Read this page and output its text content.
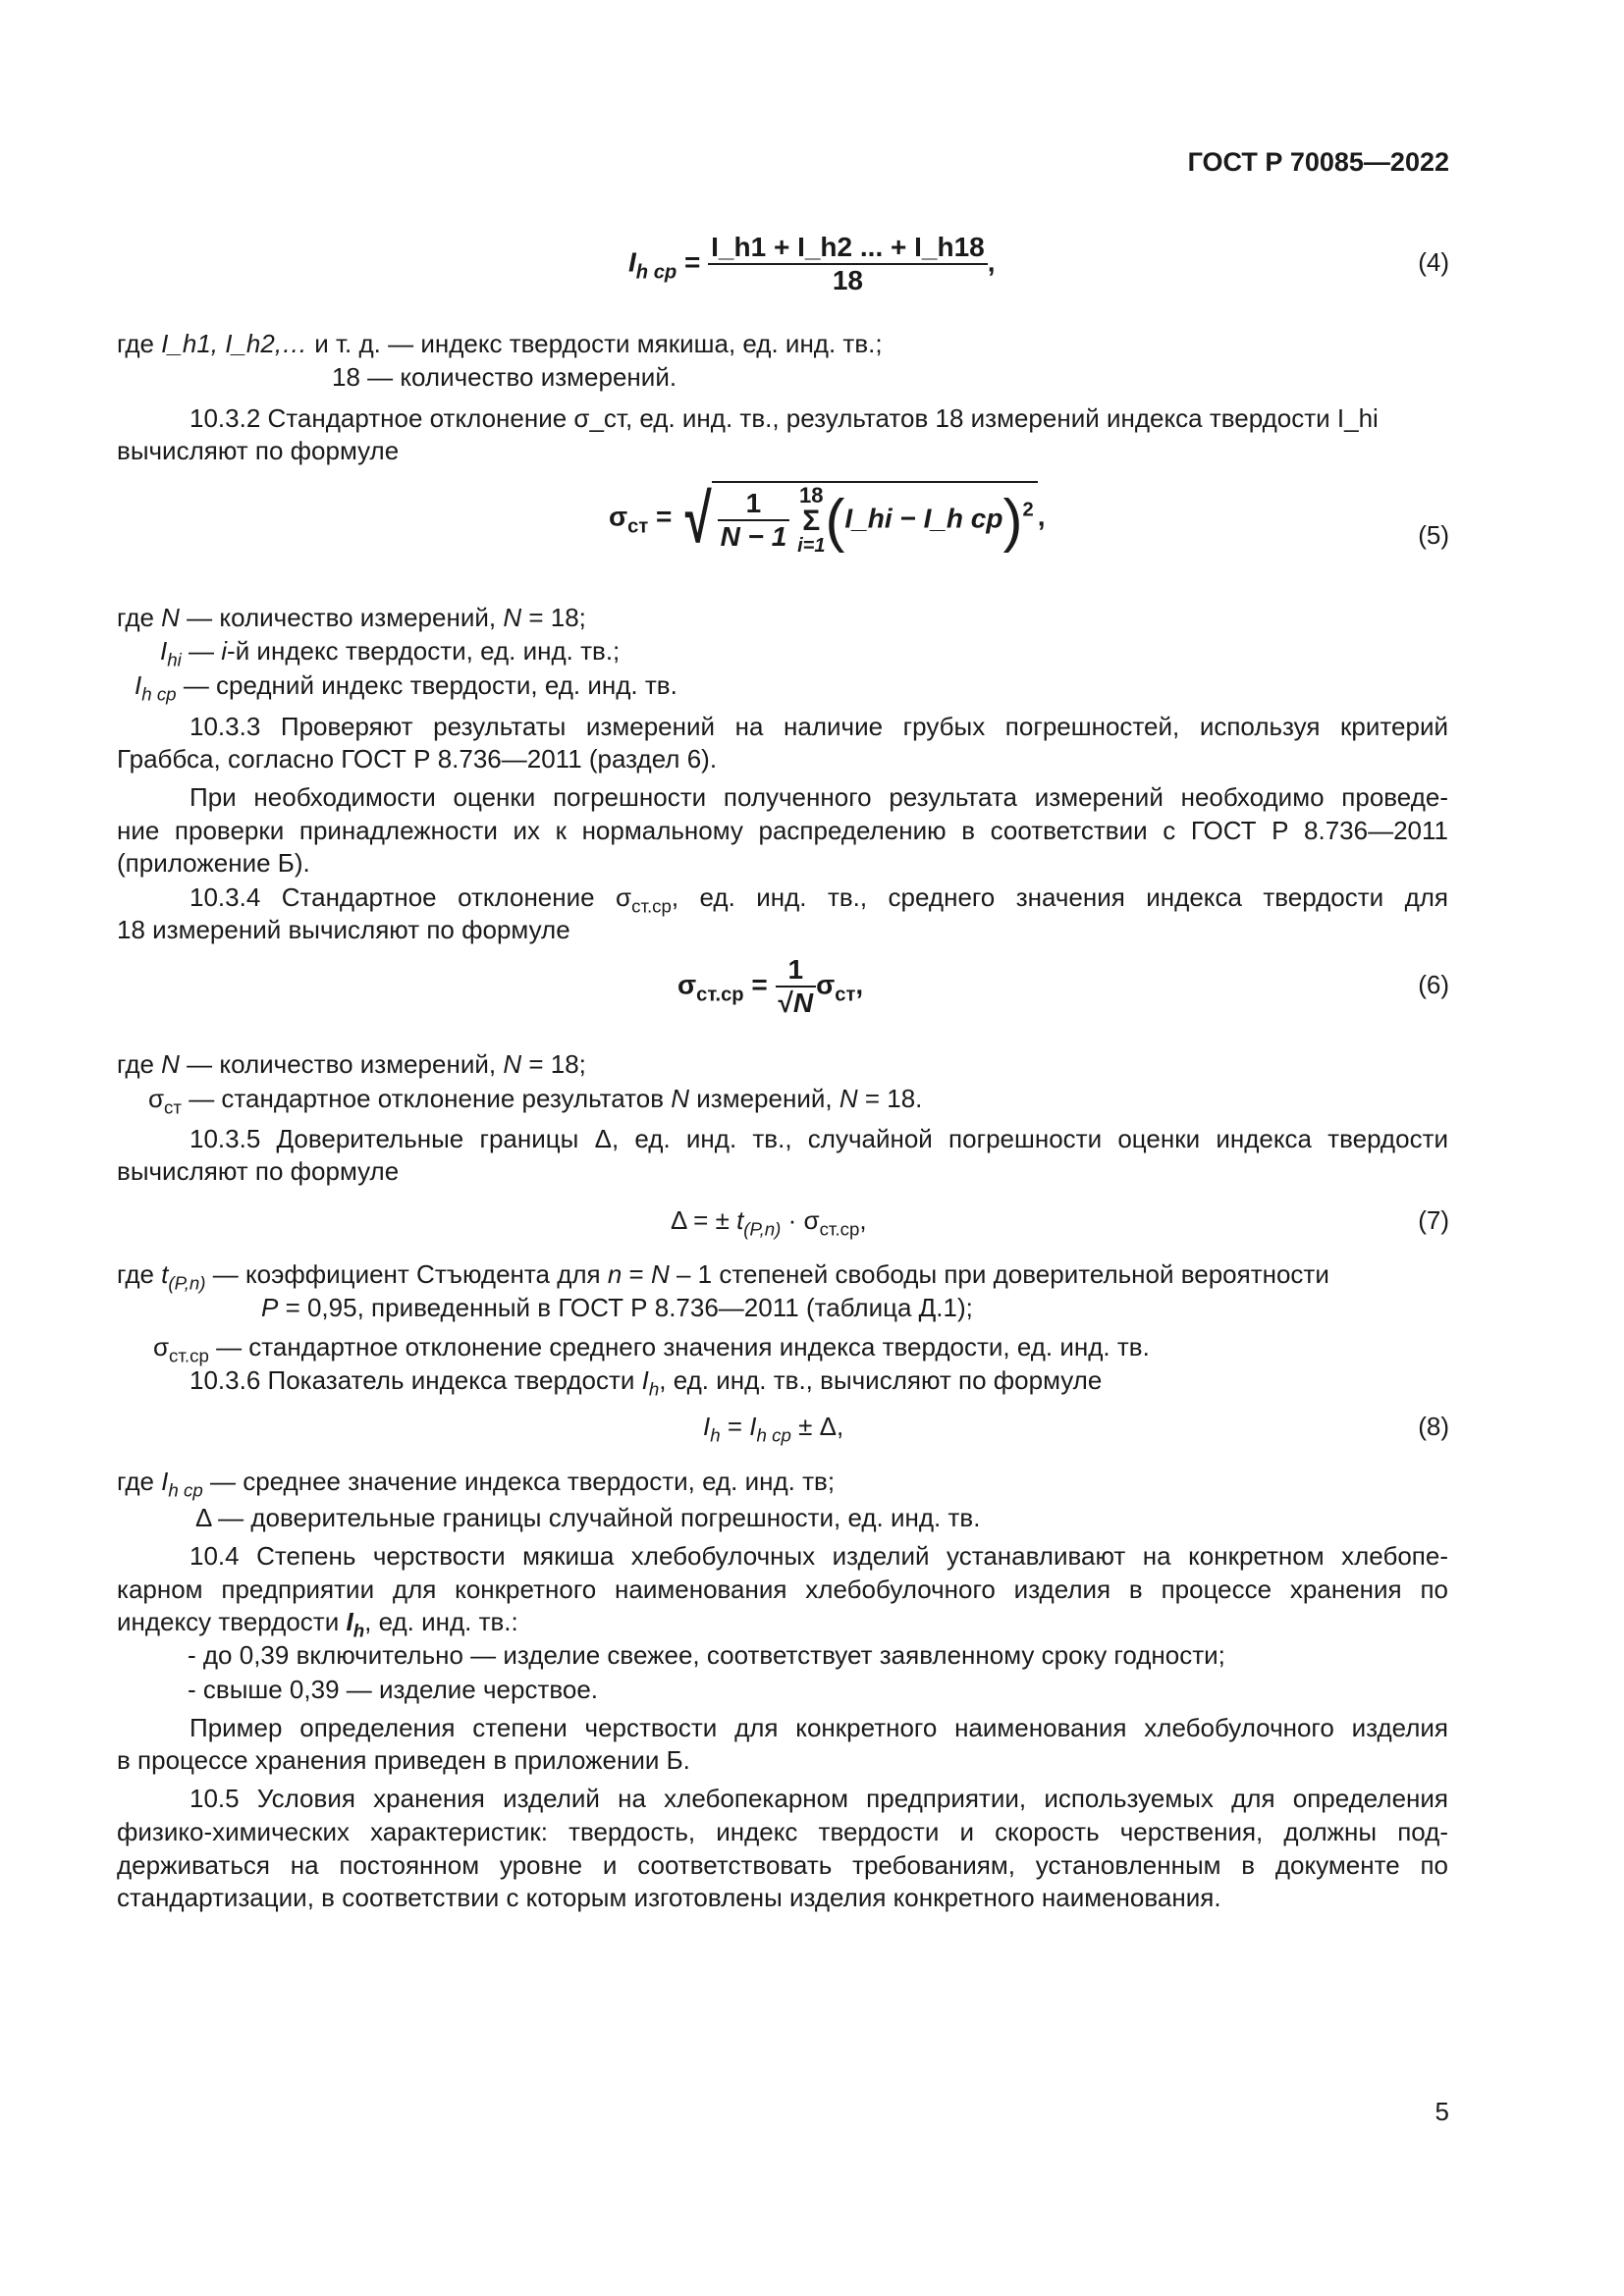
ГОСТ Р 70085—2022
$I_{h ср} = \frac{I\_h1 + I\_h2 ... + I\_h18}{18}$ ,	(4)
где I_h1, I_h2,… и т. д. — индекс твердости мякиша, ед. инд. тв.;
18 — количество измерений.
10.3.2 Стандартное отклонение σ_ст, ед. инд. тв., результатов 18 измерений индекса твердости I_hi
вычисляют по формуле
$\sigma_{ст}$ = √ $\frac{1}{N - 1}$
18
Σ
i=1 (I_hi − I_h ср)$^2$ ,
(5)
где N — количество измерений, N = 18;
$I_{hi}$ — i-й индекс твердости, ед. инд. тв.;
$I_{h ср}$ — средний индекс твердости, ед. инд. тв.
10.3.3 Проверяют результаты измерений на наличие грубых погрешностей, используя критерий
Граббса, согласно ГОСТ Р 8.736—2011 (раздел 6).
При необходимости оценки погрешности полученного результата измерений необходимо проведе-
ние проверки принадлежности их к нормальному распределению в соответствии с ГОСТ Р 8.736—2011
(приложение Б).
10.3.4 Стандартное отклонение $\sigma_{ст.ср}$, ед. инд. тв., среднего значения индекса твердости для
18 измерений вычисляют по формуле
$\sigma_{ст.ср} = \frac{1}{√N} \sigma_{ст}$,	(6)
где N — количество измерений, N = 18;
$\sigma_{ст}$ — стандартное отклонение результатов N измерений, N = 18.
10.3.5 Доверительные границы Δ, ед. инд. тв., случайной погрешности оценки индекса твердости
вычисляют по формуле
Δ = ± $t_{(P,n)} \cdot \sigma_{ст.ср}$,	(7)
где $t_{(P,n)}$ — коэффициент Стъюдента для n = N – 1 степеней свободы при доверительной вероятности
P = 0,95, приведенный в ГОСТ Р 8.736—2011 (таблица Д.1);
$\sigma_{ст.ср}$ — стандартное отклонение среднего значения индекса твердости, ед. инд. тв.
10.3.6 Показатель индекса твердости $I_h$, ед. инд. тв., вычисляют по формуле
$I_h = I_{h ср} \pm \Delta$,	(8)
где $I_{h ср}$ — среднее значение индекса твердости, ед. инд. тв;
Δ — доверительные границы случайной погрешности, ед. инд. тв.
10.4 Степень черствости мякиша хлебобулочных изделий устанавливают на конкретном хлебопе-
карном предприятии для конкретного наименования хлебобулочного изделия в процессе хранения по
индексу твердости $I_h$, ед. инд. тв.:
- до 0,39 включительно — изделие свежее, соответствует заявленному сроку годности;
- свыше 0,39 — изделие черствое.
Пример определения степени черствости для конкретного наименования хлебобулочного изделия
в процессе хранения приведен в приложении Б.
10.5 Условия хранения изделий на хлебопекарном предприятии, используемых для определения
физико-химических характеристик: твердость, индекс твердости и скорость черствения, должны под-
держиваться на постоянном уровне и соответствовать требованиям, установленным в документе по
стандартизации, в соответствии с которым изготовлены изделия конкретного наименования.
5
